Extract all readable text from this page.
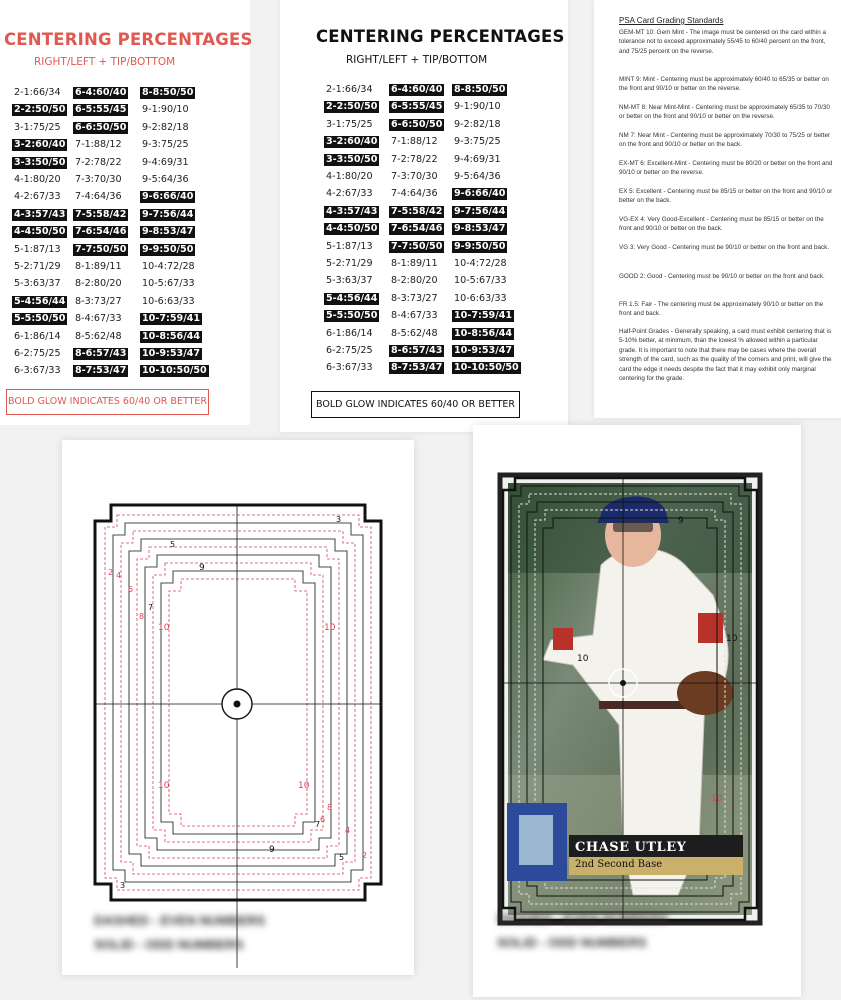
CENTERING PERCENTAGES
RIGHT/LEFT + TIP/BOTTOM
2-1:66/34
2-2:50/50
3-1:75/25
3-2:60/40
3-3:50/50
4-1:80/20
4-2:67/33
4-3:57/43
4-4:50/50
5-1:87/13
5-2:71/29
5-3:63/37
5-4:56/44
5-5:50/50
6-1:86/14
6-2:75/25
6-3:67/33
6-4:60/40
6-5:55/45
6-6:50/50
7-1:88/12
7-2:78/22
7-3:70/30
7-4:64/36
7-5:58/42
7-6:54/46
7-7:50/50
8-1:89/11
8-2:80/20
8-3:73/27
8-4:67/33
8-5:62/48
8-6:57/43
8-7:53/47
8-8:50/50
9-1:90/10
9-2:82/18
9-3:75/25
9-4:69/31
9-5:64/36
9-6:66/40
9-7:56/44
9-8:53/47
9-9:50/50
10-4:72/28
10-5:67/33
10-6:63/33
10-7:59/41
10-8:56/44
10-9:53/47
10-10:50/50
BOLD GLOW INDICATES 60/40 OR BETTER
CENTERING PERCENTAGES
RIGHT/LEFT + TIP/BOTTOM
2-1:66/34
2-2:50/50
3-1:75/25
3-2:60/40
3-3:50/50
4-1:80/20
4-2:67/33
4-3:57/43
4-4:50/50
5-1:87/13
5-2:71/29
5-3:63/37
5-4:56/44
5-5:50/50
6-1:86/14
6-2:75/25
6-3:67/33
6-4:60/40
6-5:55/45
6-6:50/50
7-1:88/12
7-2:78/22
7-3:70/30
7-4:64/36
7-5:58/42
7-6:54/46
7-7:50/50
8-1:89/11
8-2:80/20
8-3:73/27
8-4:67/33
8-5:62/48
8-6:57/43
8-7:53/47
8-8:50/50
9-1:90/10
9-2:82/18
9-3:75/25
9-4:69/31
9-5:64/36
9-6:66/40
9-7:56/44
9-8:53/47
9-9:50/50
10-4:72/28
10-5:67/33
10-6:63/33
10-7:59/41
10-8:56/44
10-9:53/47
10-10:50/50
BOLD GLOW INDICATES 60/40 OR BETTER
PSA Card Grading Standards
GEM-MT 10: Gem Mint - The image must be centered on the card within a tolerance not to exceed approximately 55/45 to 60/40 percent on the front, and 75/25 percent on the reverse.
MINT 9: Mint - Centering must be approximately 60/40 to 65/35 or better on the front and 90/10 or better on the reverse.
NM-MT 8: Near Mint-Mint - Centering must be approximately 65/35 to 70/30 or better on the front and 90/10 or better on the reverse.
NM 7: Near Mint - Centering must be approximately 70/30 to 75/25 or better on the front and 90/10 or better on the back.
EX-MT 6: Excellent-Mint - Centering must be 80/20 or better on the front and 90/10 or better on the reverse.
EX 5: Excellent - Centering must be 85/15 or better on the front and 90/10 or better on the back.
VG-EX 4: Very Good-Excellent - Centering must be 85/15 or better on the front and 90/10 or better on the back.
VG 3: Very Good - Centering must be 90/10 or better on the front and back.
GOOD 2: Good - Centering must be 90/10 or better on the front and back.
FR 1.5: Fair - The centering must be approximately 90/10 or better on the front and back.
Half-Point Grades - Generally speaking, a card must exhibit centering that is 5-10% better, at minimum, than the lowest % allowed within a particular grade. It is important to note that there may be cases where the overall strength of the card, such as the quality of the corners and print, will give the card the edge it needs despite the fact that it may exhibit only marginal centering for the grade.
10
10
10
10
9
9
8
8
7
7
6
6
5
5
4
4
3
3
2
2
DASHED - EVEN NUMBERS
SOLID - ODD NUMBERS
10
10
9
10
CHASE UTLEY
2nd Second Base
DASHED - EVEN NUMBERS
SOLID - ODD NUMBERS
